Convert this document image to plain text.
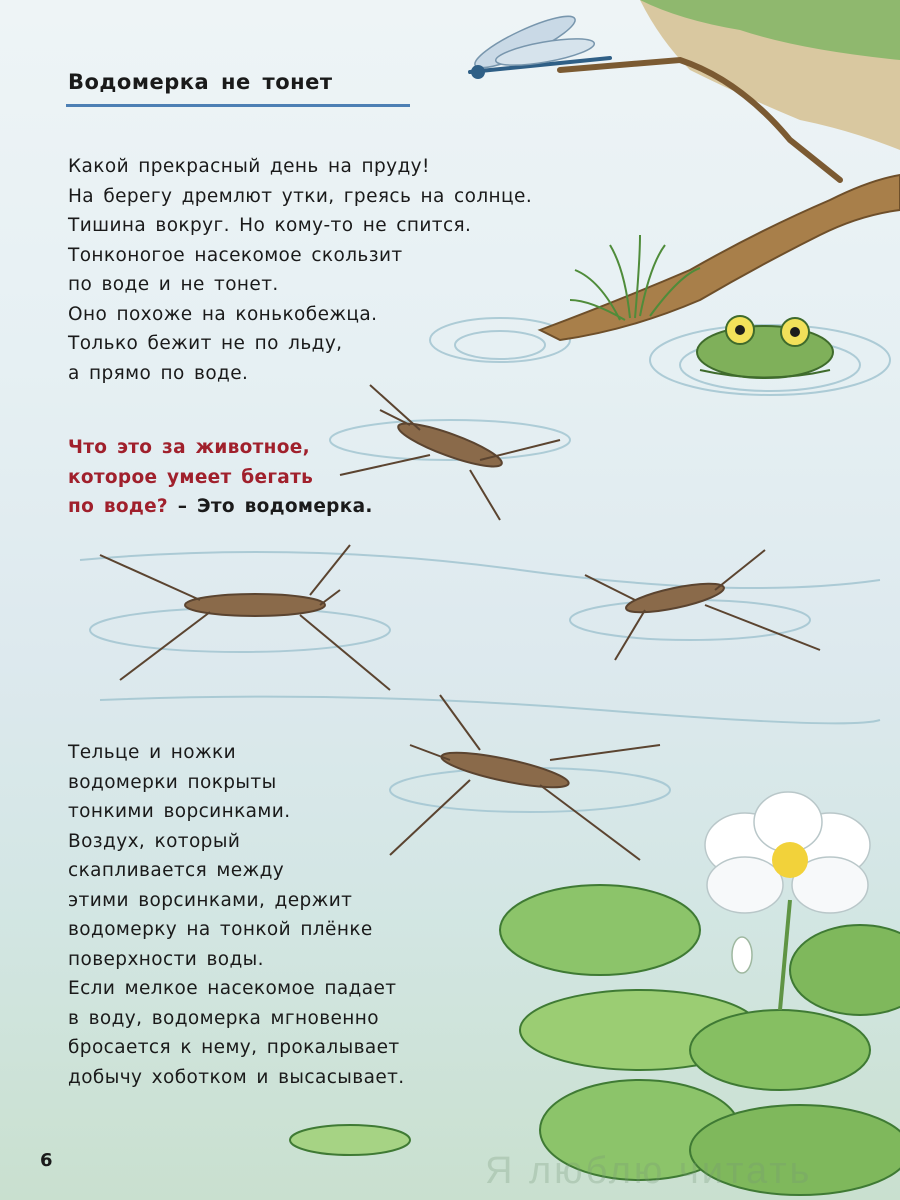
Водомерка не тонет
Какой прекрасный день на пруду!
На берегу дремлют утки, греясь на солнце.
Тишина вокруг. Но кому-то не спится.
Тонконогое насекомое скользит
по воде и не тонет.
Оно похоже на конькобежца.
Только бежит не по льду,
а прямо по воде.
Что это за животное,
которое умеет бегать
по воде? – Это водомерка.
Тельце и ножки
водомерки покрыты
тонкими ворсинками.
Воздух, который
скапливается между
этими ворсинками, держит
водомерку на тонкой плёнке
поверхности воды.
Если мелкое насекомое падает
в воду, водомерка мгновенно
бросается к нему, прокалывает
добычу хоботком и высасывает.
6	Я люблю читать
